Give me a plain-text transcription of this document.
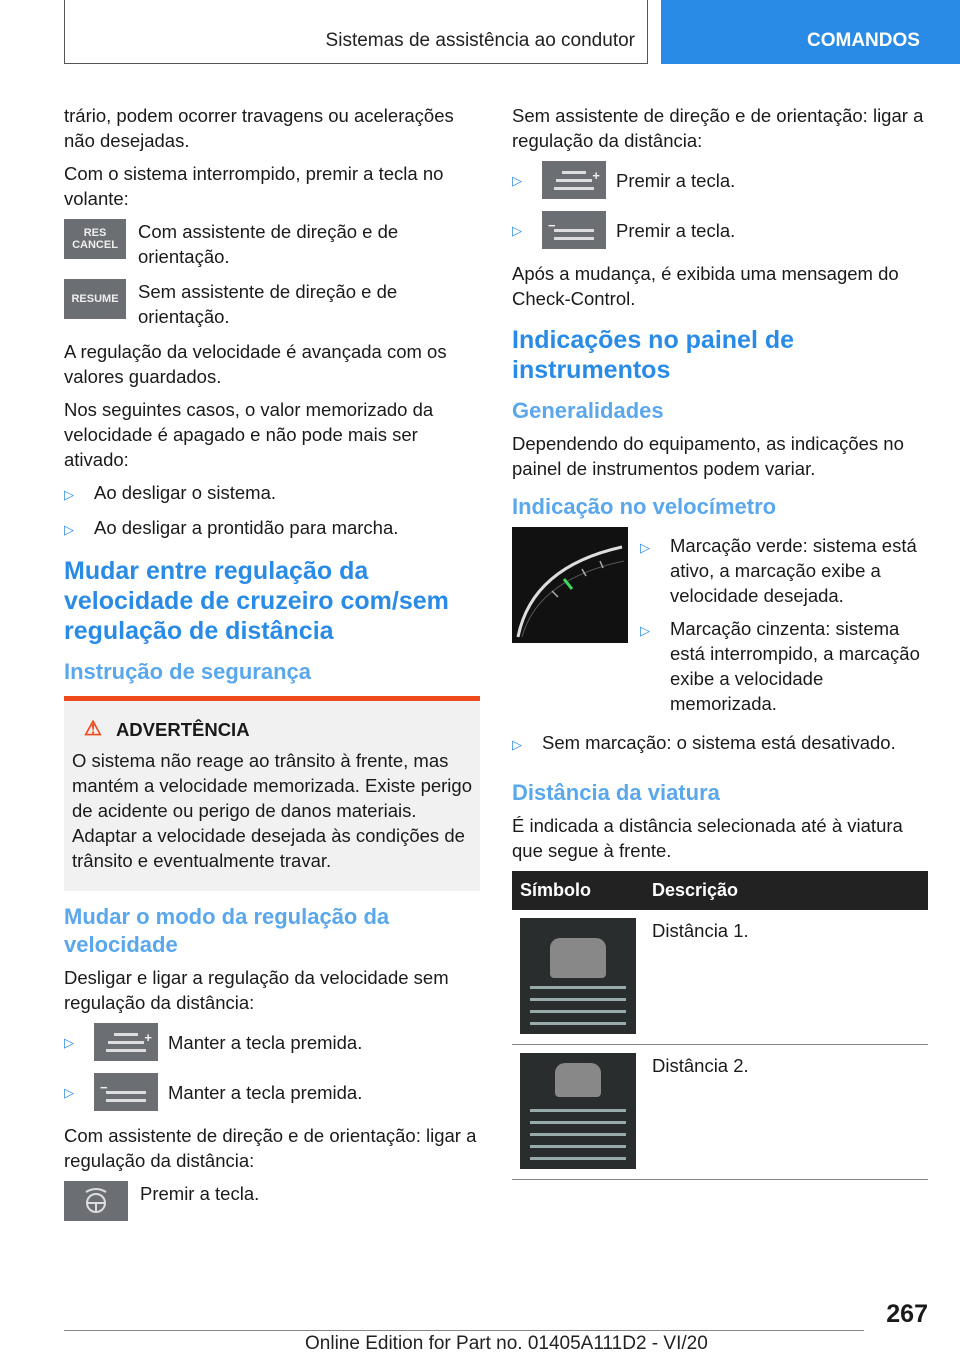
Sistemas de assistência ao condutor	COMANDOS

trário, podem ocorrer travagens ou acelerações não desejadas.

Com o sistema interrompido, premir a tecla no volante:

RES CANCEL
Com assistente de direção e de orientação.
RESUME	Sem assistente de direção e de orientação.

A regulação da velocidade é avançada com os valores guardados.

Nos seguintes casos, o valor memorizado da velocidade é apagado e não pode mais ser ativado:

▷	Ao desligar o sistema.
▷	Ao desligar a prontidão para marcha.
Mudar entre regulação da velocidade de cruzeiro com/sem regulação de distância
Instrução de segurança
⚠ ADVERTÊNCIA
O sistema não reage ao trânsito à frente, mas mantém a velocidade memorizada. Existe perigo de acidente ou perigo de danos materiais. Adaptar a velocidade desejada às condições de trânsito e eventualmente travar.
Mudar o modo da regulação da velocidade

Desligar e ligar a regulação da velocidade sem regulação da distância:

▷	+ Manter a tecla premida.
▷	−	Manter a tecla premida.

Com assistente de direção e de orientação: ligar a regulação da distância:

Premir a tecla.

Sem assistente de direção e de orientação: ligar a regulação da distância:

▷	+ Premir a tecla.
▷	−	Premir a tecla.

Após a mudança, é exibida uma mensagem do Check-Control.

Indicações no painel de instrumentos
Generalidades

Dependendo do equipamento, as indicações no painel de instrumentos podem variar.

Indicação no velocímetro
▷	Marcação verde: sistema está ativo, a marcação exibe a velocidade desejada.
▷	Marcação cinzenta: sistema está interrompido, a marcação exibe a velocidade memorizada.
▷	Sem marcação: o sistema está desativado.
Distância da viatura

É indicada a distância selecionada até à viatura que segue à frente.

Símbolo	Descrição

	Distância 1.

	Distância 2.
267
Online Edition for Part no. 01405A111D2 - VI/20
